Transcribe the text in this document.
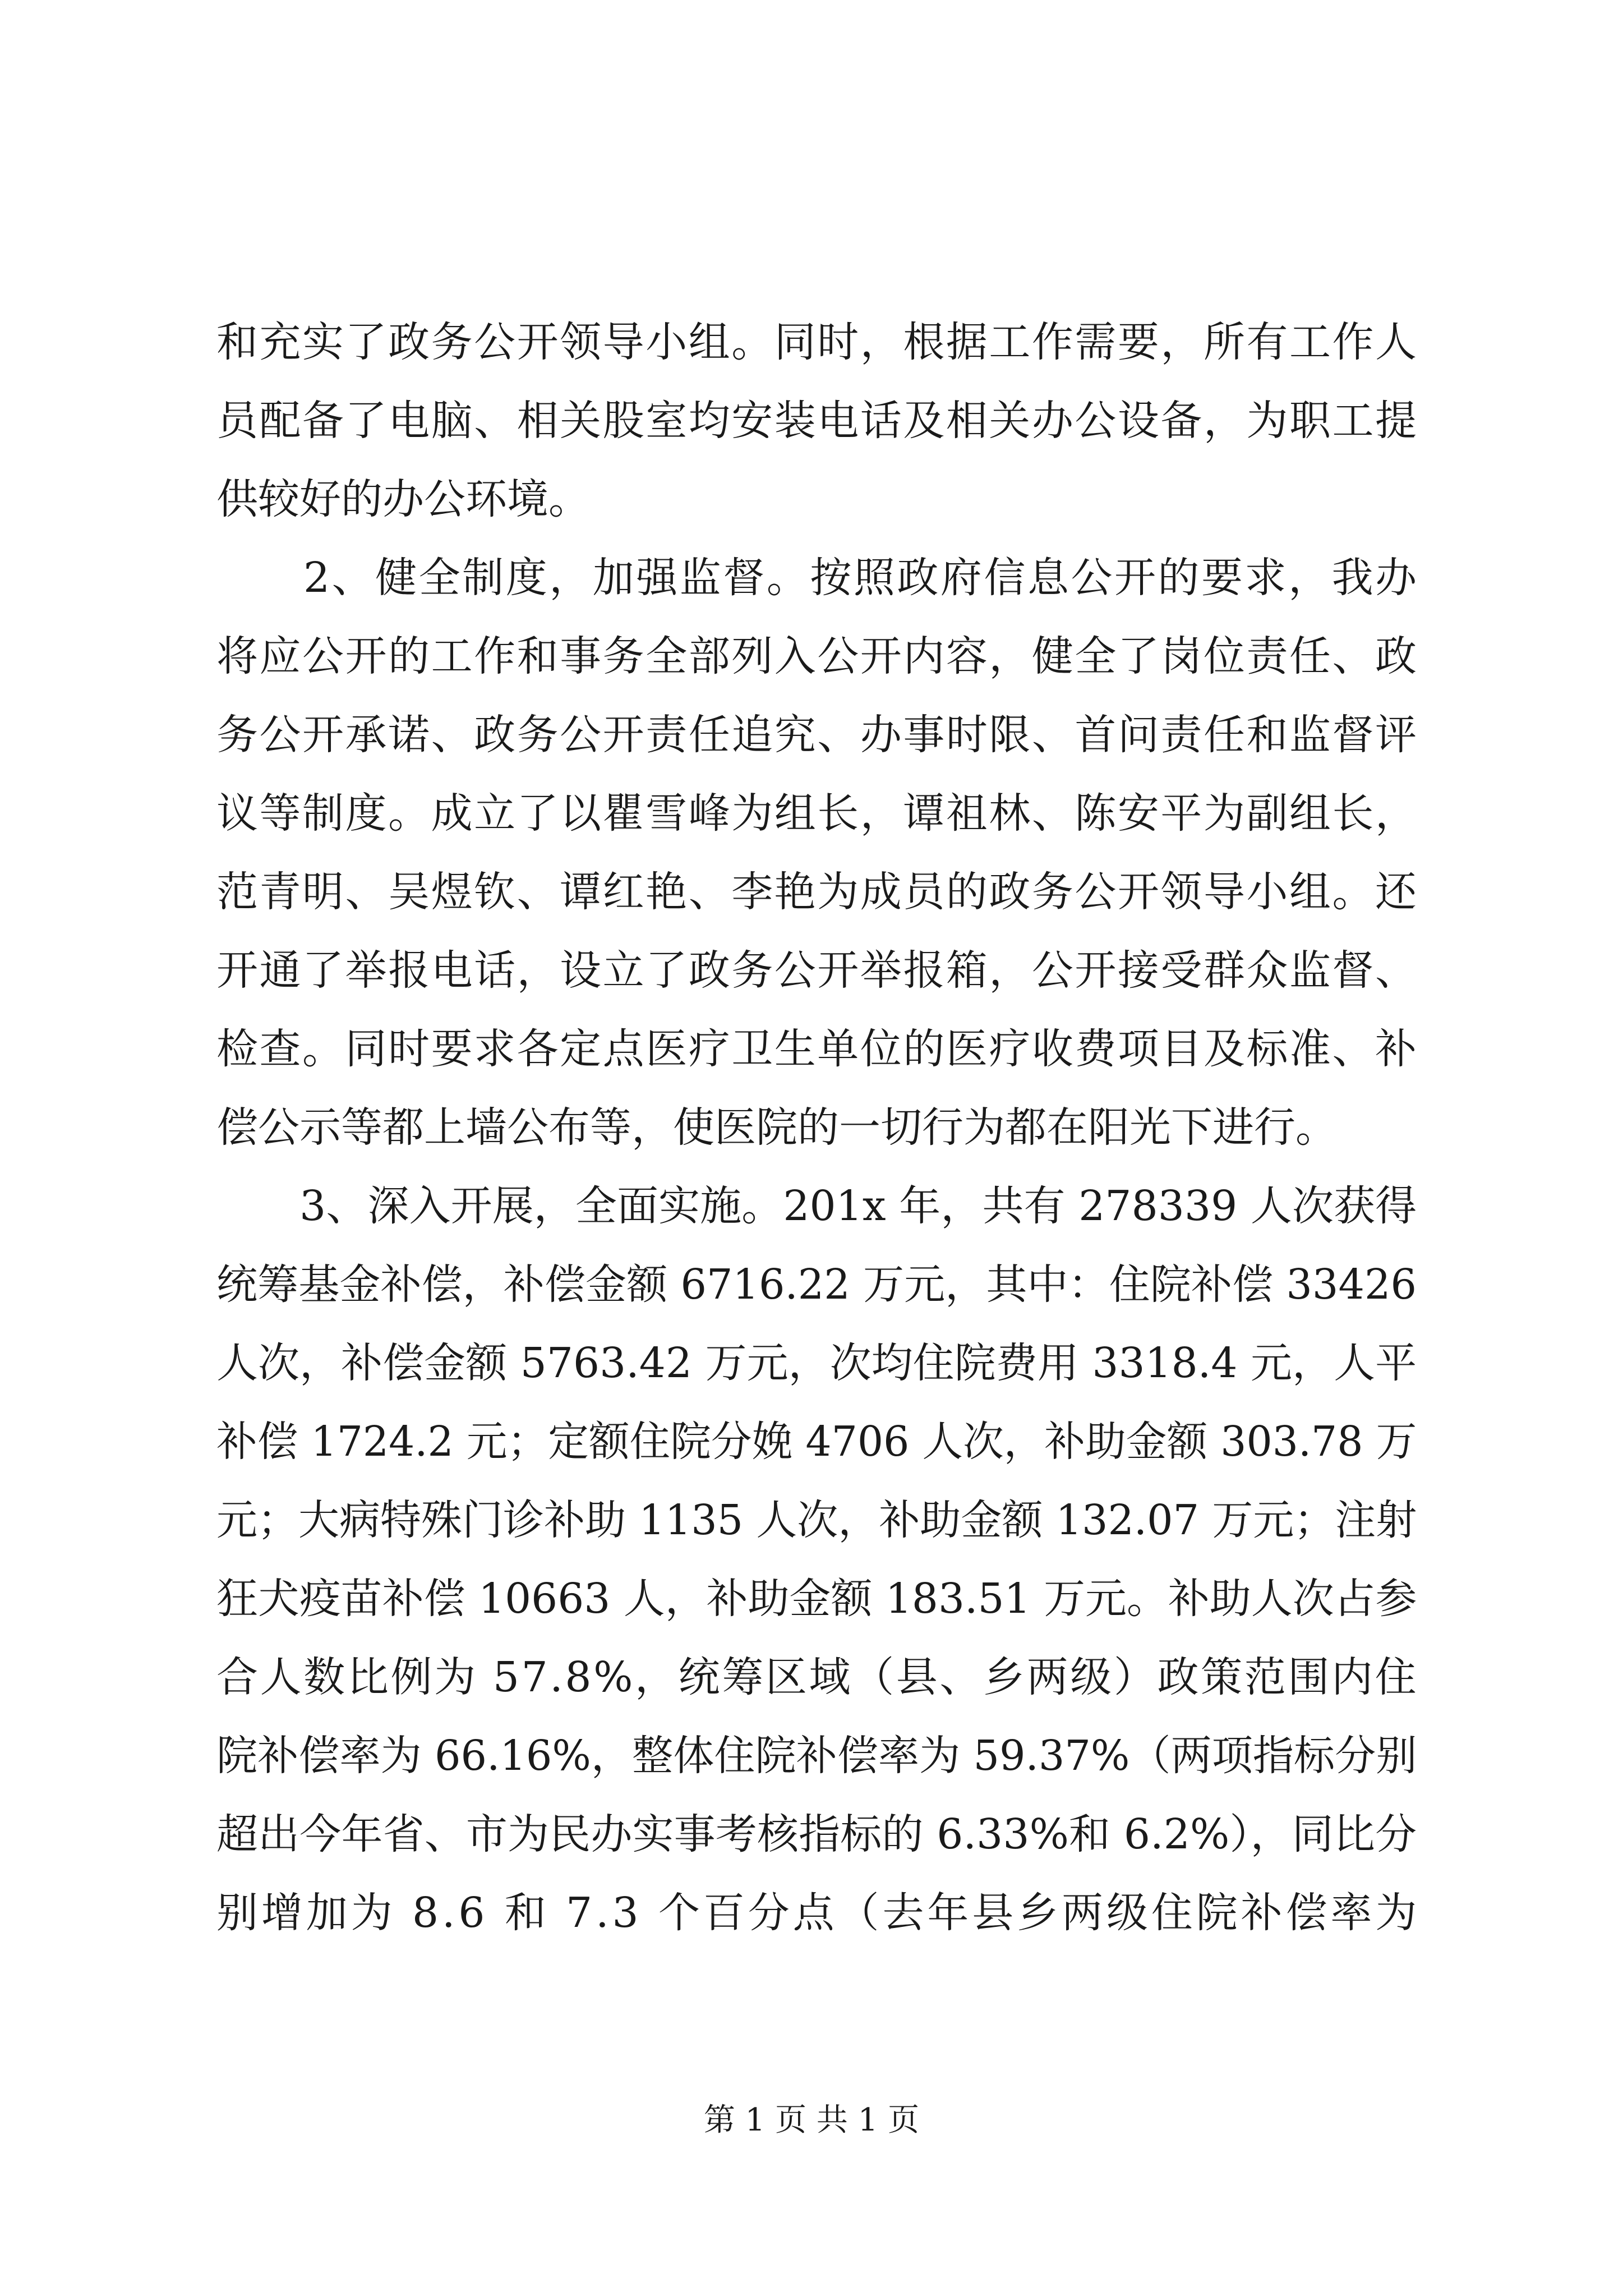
和充实了政务公开领导小组。同时，根据工作需要，所有工作人
员配备了电脑、相关股室均安装电话及相关办公设备，为职工提
供较好的办公环境。
　　2、健全制度，加强监督。按照政府信息公开的要求，我办
将应公开的工作和事务全部列入公开内容，健全了岗位责任、政
务公开承诺、政务公开责任追究、办事时限、首问责任和监督评
议等制度。成立了以瞿雪峰为组长，谭祖林、陈安平为副组长，
范青明、吴煜钦、谭红艳、李艳为成员的政务公开领导小组。还
开通了举报电话，设立了政务公开举报箱，公开接受群众监督、
检查。同时要求各定点医疗卫生单位的医疗收费项目及标准、补
偿公示等都上墙公布等，使医院的一切行为都在阳光下进行。
　　3、深入开展，全面实施。201x 年，共有 278339 人次获得
统筹基金补偿，补偿金额 6716.22 万元，其中：住院补偿 33426
人次，补偿金额 5763.42 万元，次均住院费用 3318.4 元，人平
补偿 1724.2 元；定额住院分娩 4706 人次，补助金额 303.78 万
元；大病特殊门诊补助 1135 人次，补助金额 132.07 万元；注射
狂犬疫苗补偿 10663 人，补助金额 183.51 万元。补助人次占参
合人数比例为 57.8%，统筹区域（县、乡两级）政策范围内住
院补偿率为 66.16%，整体住院补偿率为 59.37%（两项指标分别
超出今年省、市为民办实事考核指标的 6.33%和 6.2%），同比分
别增加为 8.6 和 7.3 个百分点（去年县乡两级住院补偿率为
第 1 页 共 1 页
